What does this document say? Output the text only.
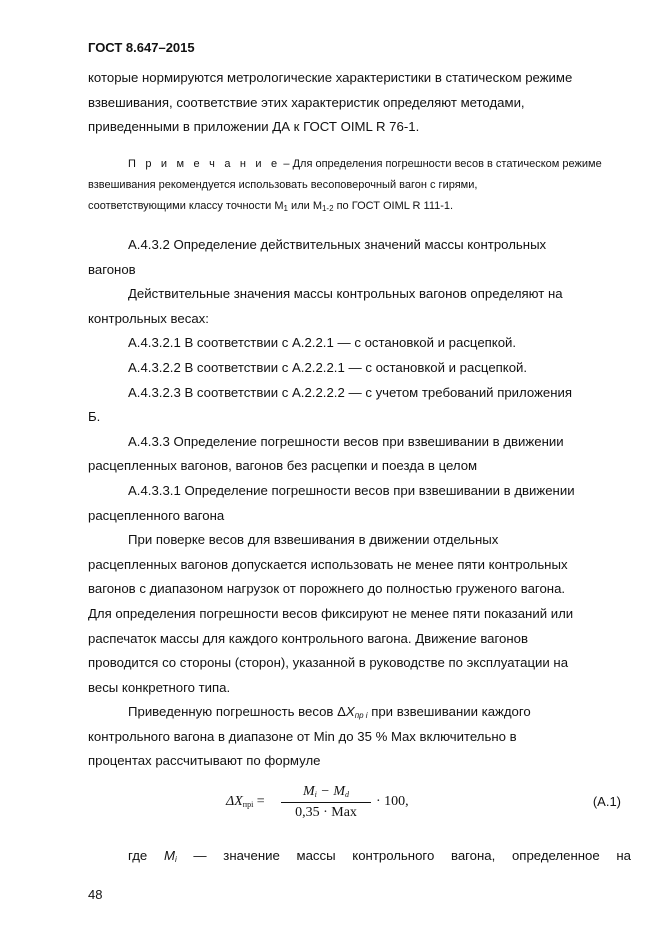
ГОСТ 8.647–2015

которые нормируются метрологические характеристики в статическом режиме

взвешивания, соответствие этих характеристик определяют методами,

приведенными в приложении ДА к ГОСТ OIML R 76-1.

П р и м е ч а н и е – Для определения погрешности весов в статическом режиме

взвешивания рекомендуется использовать весоповерочный вагон с гирями,

соответствующими классу точности $M_1$ или $M_{1-2}$ по ГОСТ OIML R 111-1.

А.4.3.2 Определение действительных значений массы контрольных

вагонов

Действительные значения массы контрольных вагонов определяют на

контрольных весах:

А.4.3.2.1 В соответствии с А.2.2.1 — с остановкой и расцепкой.

А.4.3.2.2 В соответствии с А.2.2.2.1 — с остановкой и расцепкой.

А.4.3.2.3 В соответствии с А.2.2.2.2 — с учетом требований приложения

Б.

А.4.3.3 Определение погрешности весов при взвешивании в движении

расцепленных вагонов, вагонов без расцепки и поезда в целом

А.4.3.3.1 Определение погрешности весов при взвешивании в движении

расцепленного вагона

При поверке весов для взвешивания в движении отдельных

расцепленных вагонов допускается использовать не менее пяти контрольных

вагонов с диапазоном нагрузок от порожнего до полностью груженого вагона.

Для определения погрешности весов фиксируют не менее пяти показаний или

распечаток массы для каждого контрольного вагона. Движение вагонов

проводится со стороны (сторон), указанной в руководстве по эксплуатации на

весы конкретного типа.

Приведенную погрешность весов $\Delta X_{пр i}$ при взвешивании каждого

контрольного вагона в диапазоне от Min до 35 % Max включительно в

процентах рассчитывают по формуле

$\Delta X_{прi}$ =
$M_i - M_d$
0,35 · Max
· 100,	(А.1)

где $M_i$ — значение массы контрольного вагона, определенное на

48
